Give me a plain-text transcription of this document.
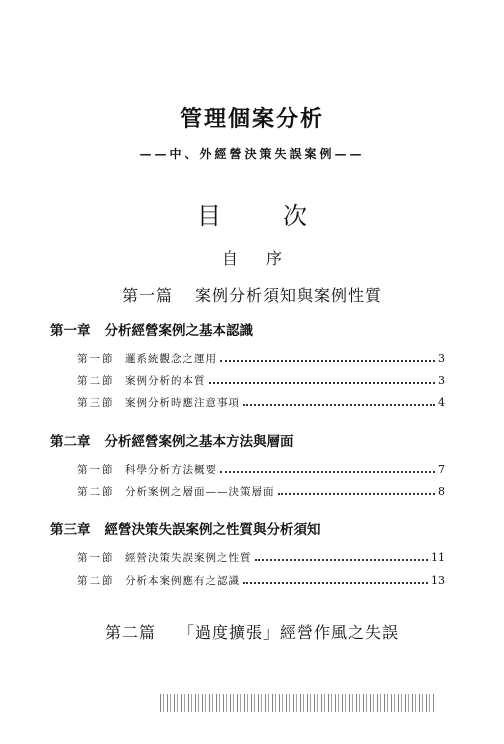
管理個案分析
——中、外經營決策失誤案例——
目次
自序
第一篇 案例分析須知與案例性質
第一章 分析經營案例之基本認識
第一節	邏系統觀念之運用	3
第二節	案例分析的本質	3
第三節	案例分析時應注意事項	4
第二章 分析經營案例之基本方法與層面
第一節	科學分析方法概要	7
第二節	分析案例之層面——決策層面	8
第三章 經營決策失誤案例之性質與分析須知
第一節	經營決策失誤案例之性質	11
第二節	分析本案例應有之認識	13
第二篇 「過度擴張」經營作風之失誤
